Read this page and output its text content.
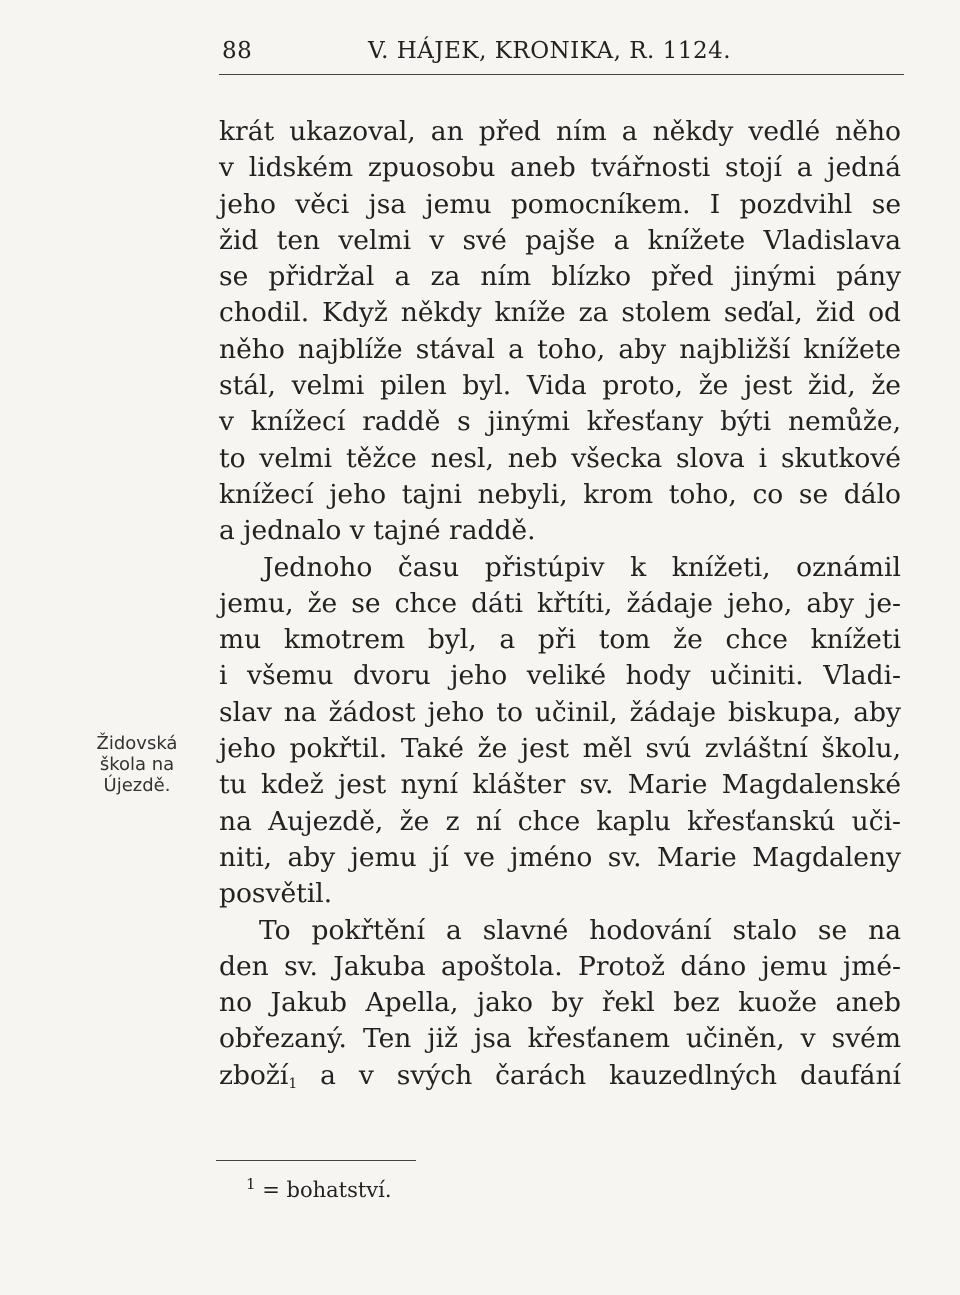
88	V. HÁJEK, KRONIKA, R. 1124.
Židovská
škola na
Újezdě.
krát ukazoval, an před ním a někdy vedlé něho
v lidském zpuosobu aneb tvářnosti stojí a jedná
jeho věci jsa jemu pomocníkem. I pozdvihl se
žid ten velmi v své pajše a knížete Vladislava
se přidržal a za ním blízko před jinými pány
chodil. Když někdy kníže za stolem seďal, žid od
něho najblíže stával a toho, aby najbližší knížete
stál, velmi pilen byl. Vida proto, že jest žid, že
v knížecí raddě s jinými křesťany býti nemůže,
to velmi těžce nesl, neb všecka slova i skutkové
knížecí jeho tajni nebyli, krom toho, co se dálo
a jednalo v tajné raddě.
Jednoho času přistúpiv k knížeti, oznámil
jemu, že se chce dáti křtíti, žádaje jeho, aby je-
mu kmotrem byl, a při tom že chce knížeti
i všemu dvoru jeho veliké hody učiniti. Vladi-
slav na žádost jeho to učinil, žádaje biskupa, aby
jeho pokřtil. Také že jest měl svú zvláštní školu,
tu kdež jest nyní klášter sv. Marie Magdalenské
na Aujezdě, že z ní chce kaplu křesťanskú uči-
niti, aby jemu jí ve jméno sv. Marie Magdaleny
posvětil.
To pokřtění a slavné hodování stalo se na
den sv. Jakuba apoštola. Protož dáno jemu jmé-
no Jakub Apella, jako by řekl bez kuože aneb
obřezaný. Ten již jsa křesťanem učiněn, v svém
zboží$_1$ a v svých čarách kauzedlných daufání
$^1$ = bohatství.
